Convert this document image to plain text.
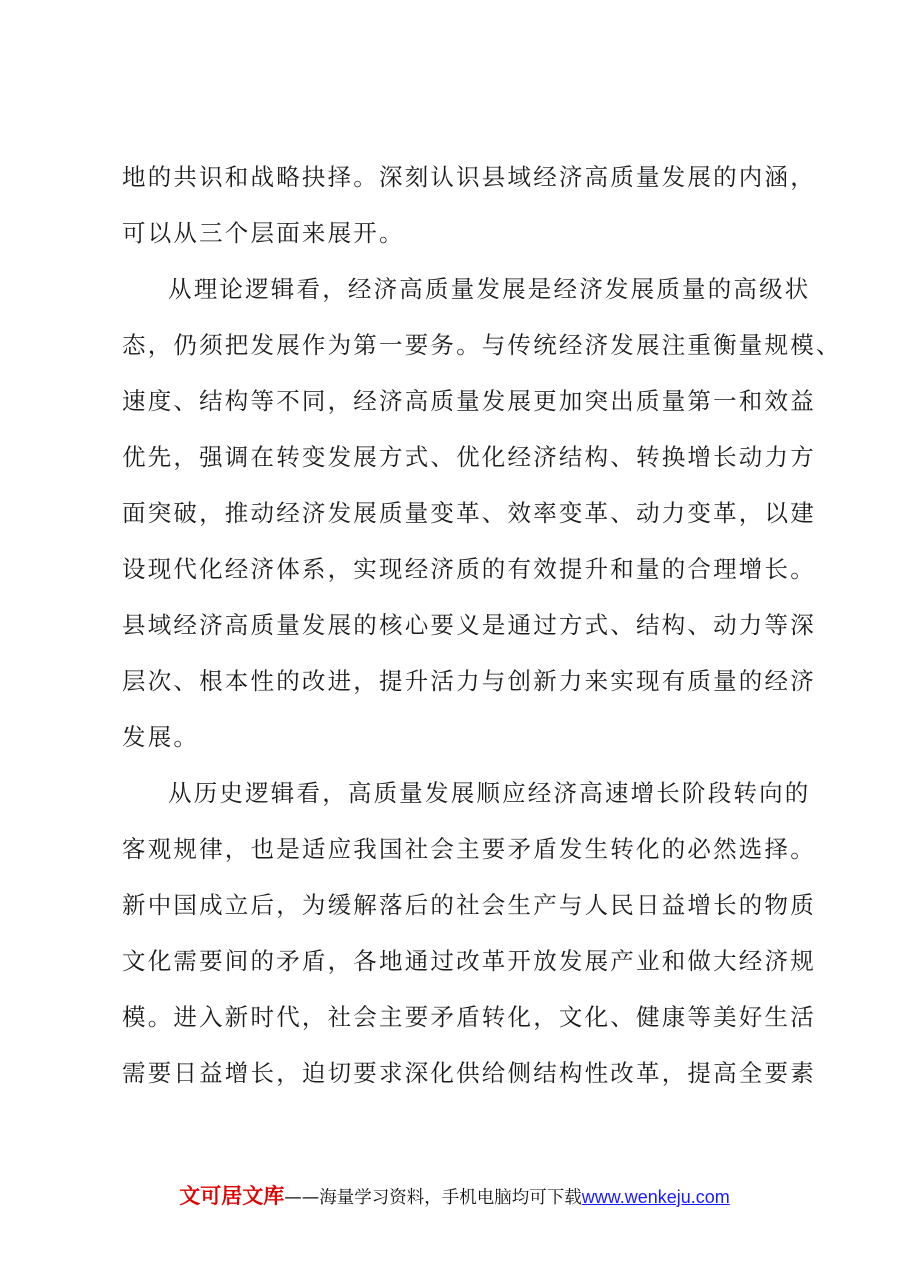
地的共识和战略抉择。深刻认识县域经济高质量发展的内涵，
可以从三个层面来展开。
从理论逻辑看，经济高质量发展是经济发展质量的高级状
态，仍须把发展作为第一要务。与传统经济发展注重衡量规模、
速度、结构等不同，经济高质量发展更加突出质量第一和效益
优先，强调在转变发展方式、优化经济结构、转换增长动力方
面突破，推动经济发展质量变革、效率变革、动力变革，以建
设现代化经济体系，实现经济质的有效提升和量的合理增长。
县域经济高质量发展的核心要义是通过方式、结构、动力等深
层次、根本性的改进，提升活力与创新力来实现有质量的经济
发展。
从历史逻辑看，高质量发展顺应经济高速增长阶段转向的
客观规律，也是适应我国社会主要矛盾发生转化的必然选择。
新中国成立后，为缓解落后的社会生产与人民日益增长的物质
文化需要间的矛盾，各地通过改革开放发展产业和做大经济规
模。进入新时代，社会主要矛盾转化，文化、健康等美好生活
需要日益增长，迫切要求深化供给侧结构性改革，提高全要素
文可居文库——海量学习资料，手机电脑均可下载www.wenkeju.com
